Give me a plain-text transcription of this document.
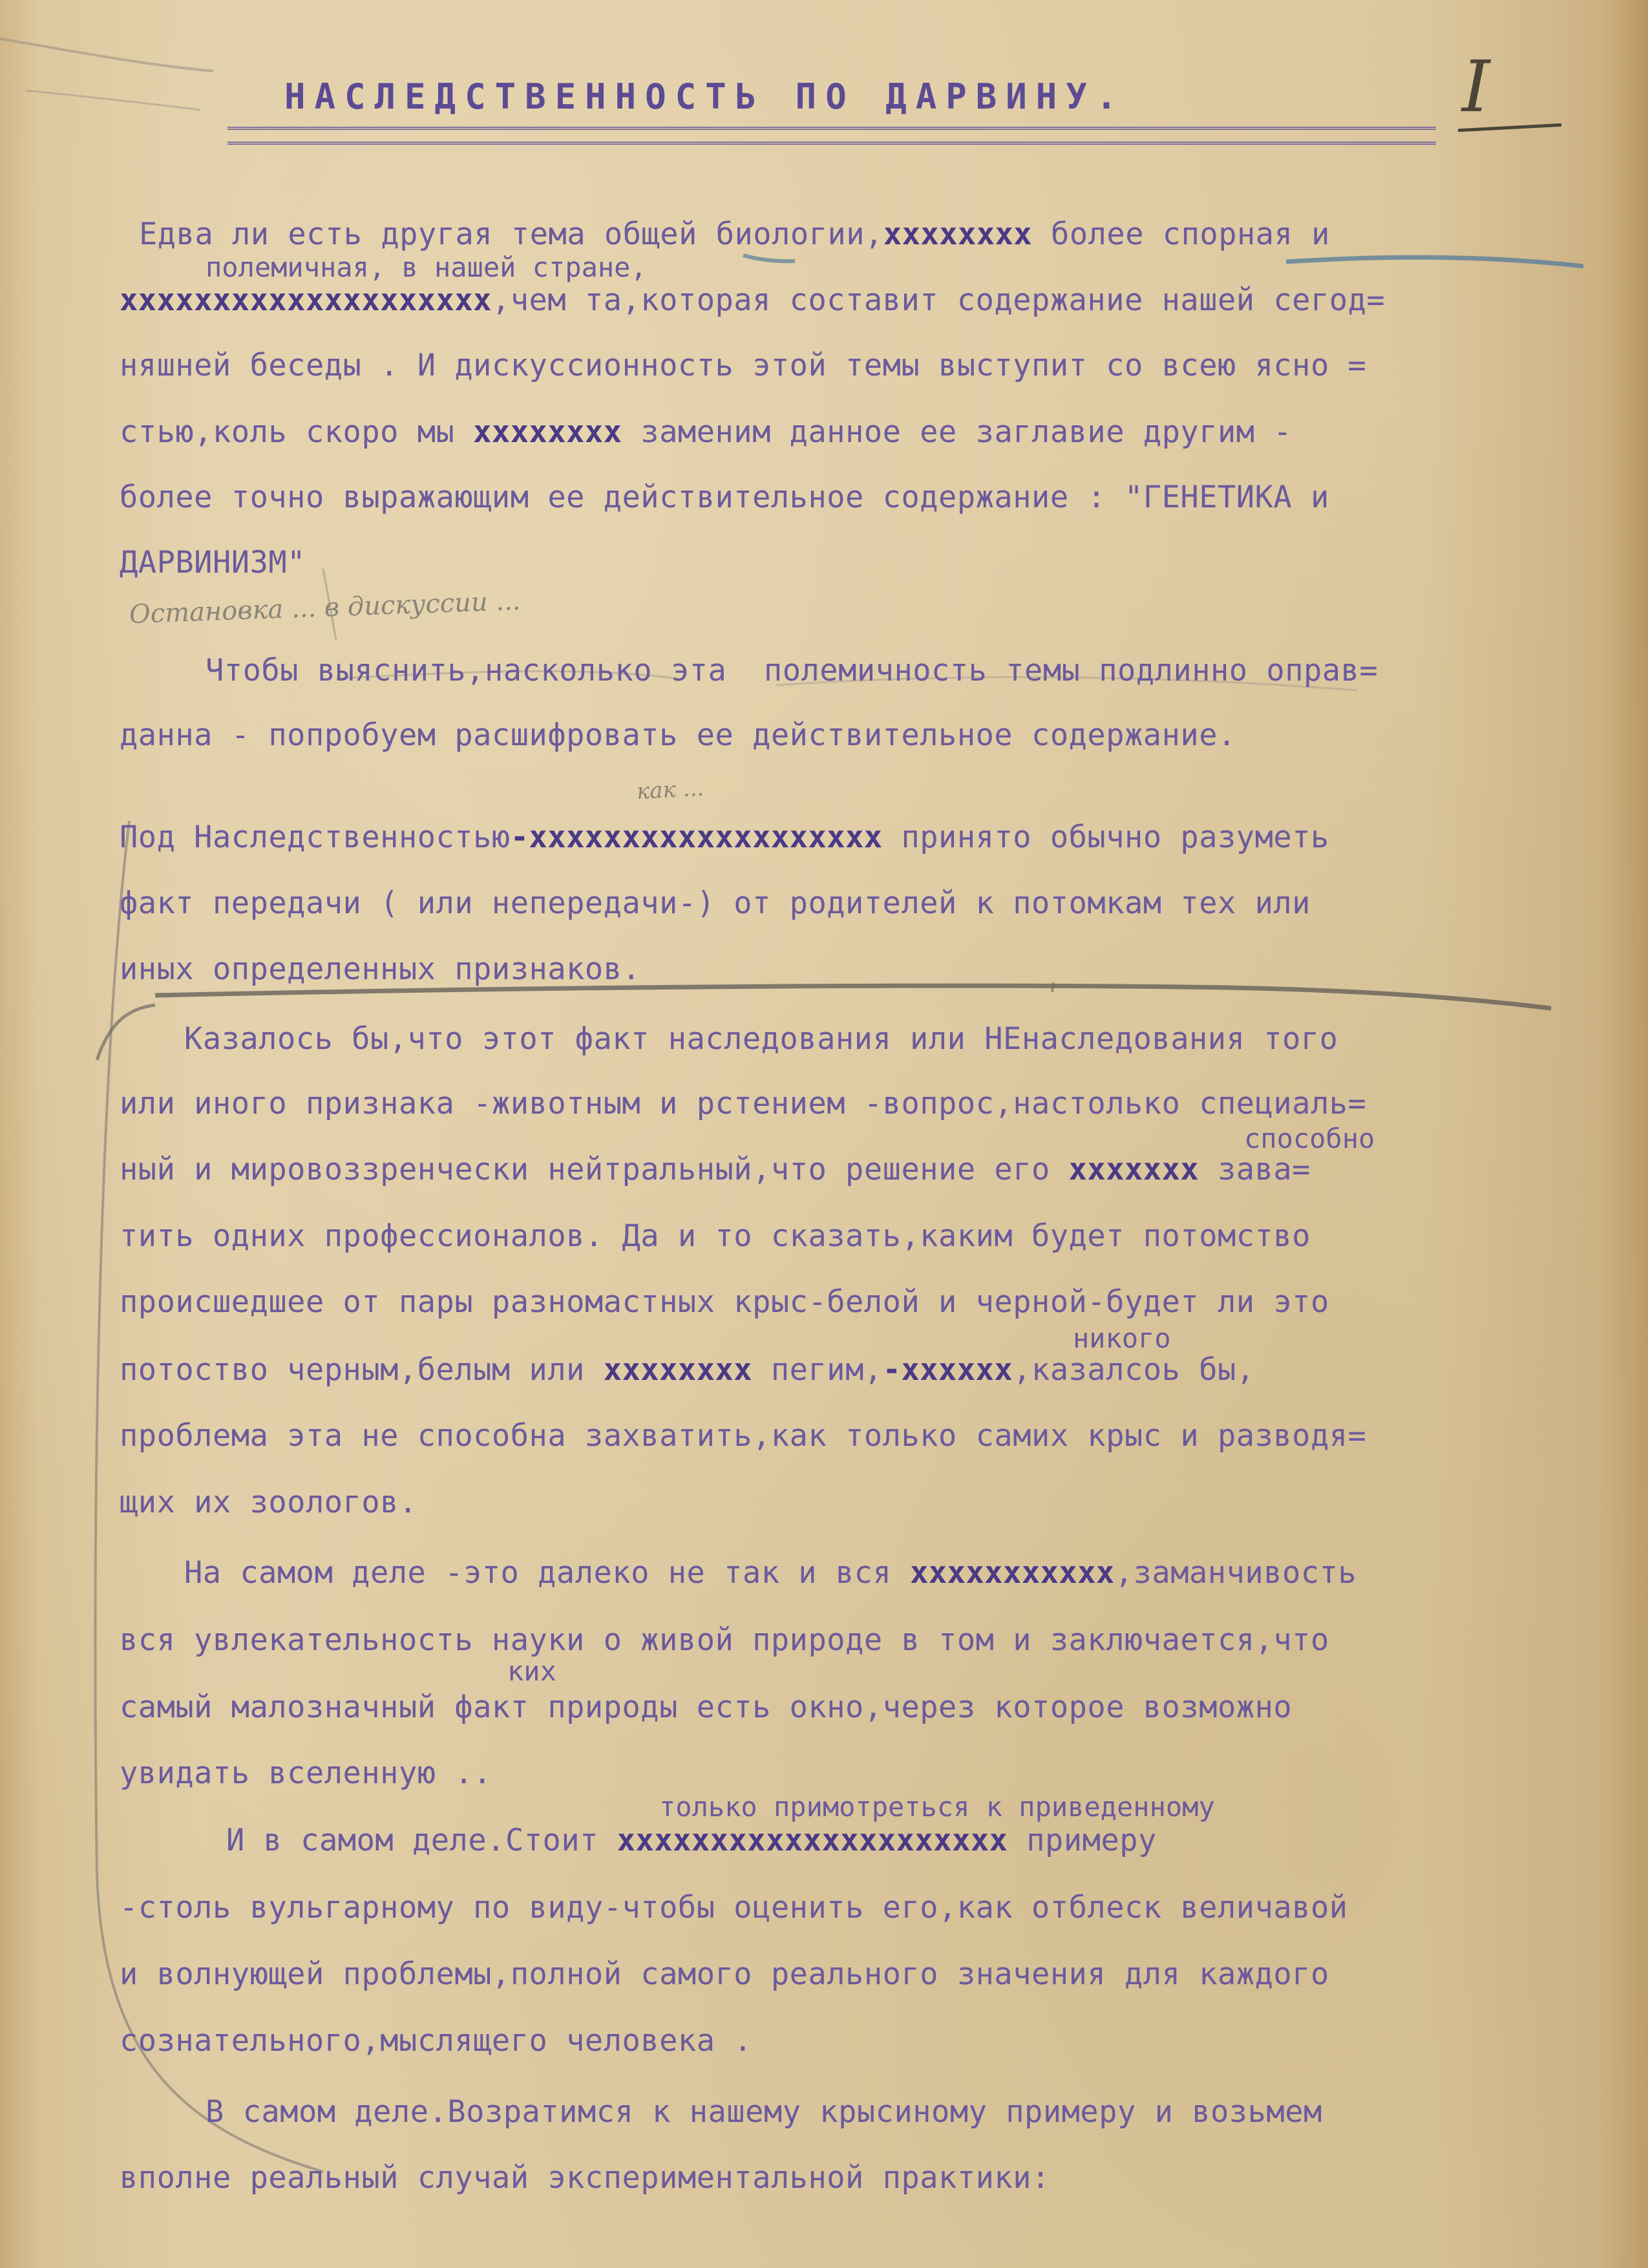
НАСЛЕДСТВЕННОСТЬ ПО ДАРВИНУ.	I
Едва ли есть другая тема общей биологии,хххххххх более спорная и
полемичная, в нашей стране,
хххххххххххххххххххх,чем та,которая составит содержание нашей сегод=
няшней беседы . И дискуссионность этой темы выступит со всею ясно =
стью,коль скоро мы хххххххх заменим данное ее заглавие другим -
более точно выражающим ее действительное содержание : "ГЕНЕТИКА и
ДАРВИНИЗМ"
Остановка ... в дискуссии ...
Чтобы выяснить,насколько эта  полемичность темы подлинно оправ=
данна - попробуем расшифровать ее действительное содержание.
как ...
Под Наследственностью-ххххххххххххххххххх принято обычно разуметь
факт передачи ( или непередачи-) от родителей к потомкам тех или
иных определенных признаков.
Казалось бы,что этот факт наследования или НЕнаследования того
или иного признака -животным и рстением -вопрос,настолько специаль=
способно
ный и мировоззренчески нейтральный,что решение его ххххххх зава=
тить одних профессионалов. Да и то сказать,каким будет потомство
происшедшее от пары разномастных крыс-белой и черной-будет ли это
никого
потоство черным,белым или хххххххх пегим,-хххххх,казалсоь бы,
проблема эта не способна захватить,как только самих крыс и разводя=
щих их зоологов.
На самом деле -это далеко не так и вся ххххххххххх,заманчивость
вся увлекательность науки о живой природе в том и заключается,что
ких
самый малозначный факт природы есть окно,через которое возможно
увидать вселенную ..
только примотреться к приведенному
И в самом деле.Стоит ххххххххххххххххххххх примеру
-столь вульгарному по виду-чтобы оценить его,как отблеск величавой
и волнующей проблемы,полной самого реального значения для каждого
сознательного,мыслящего человека .
В самом деле.Возратимся к нашему крысиному примеру и возьмем
вполне реальный случай экспериментальной практики:
